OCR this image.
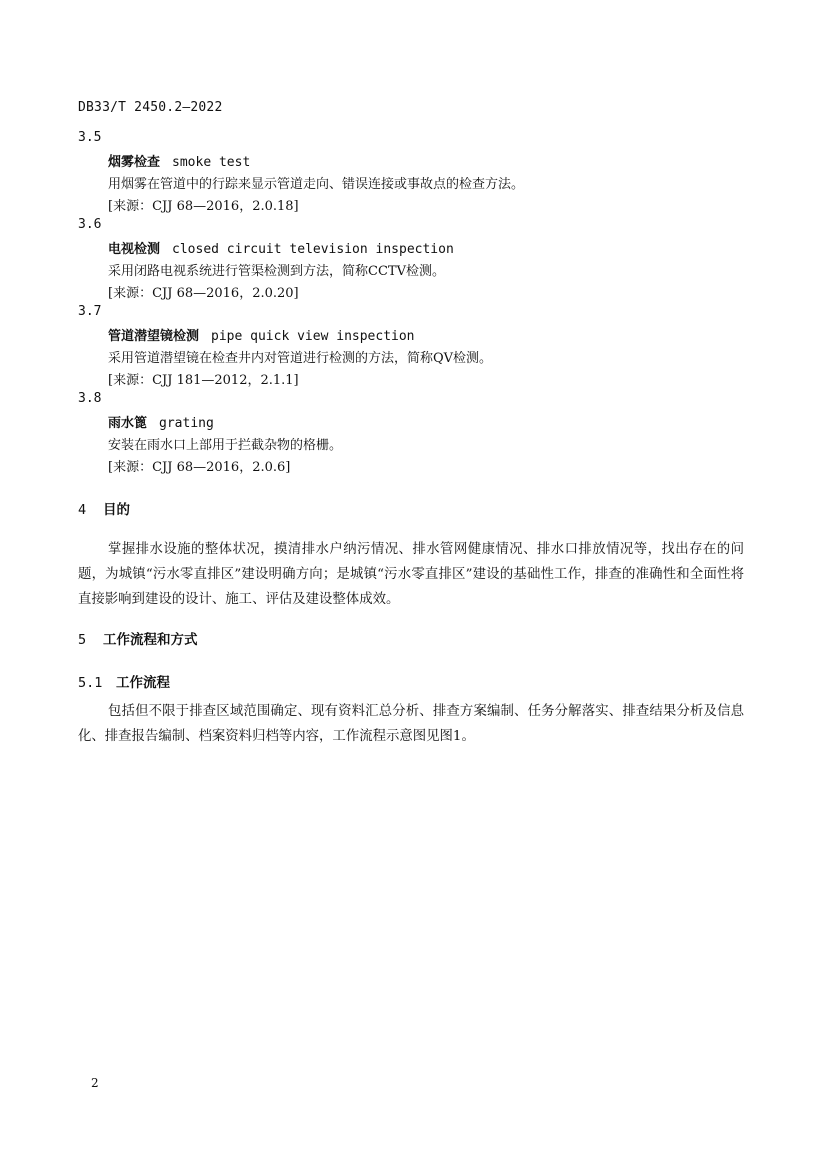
DB33/T 2450.2—2022
3.5
烟雾检查 smoke test
用烟雾在管道中的行踪来显示管道走向、错误连接或事故点的检查方法。
[来源：CJJ 68—2016，2.0.18]
3.6
电视检测 closed circuit television inspection
采用闭路电视系统进行管渠检测到方法，简称CCTV检测。
[来源：CJJ 68—2016，2.0.20]
3.7
管道潜望镜检测 pipe quick view inspection
采用管道潜望镜在检查井内对管道进行检测的方法，简称QV检测。
[来源：CJJ 181—2012，2.1.1]
3.8
雨水篦 grating
安装在雨水口上部用于拦截杂物的格栅。
[来源：CJJ 68—2016，2.0.6]
4 目的
掌握排水设施的整体状况，摸清排水户纳污情况、排水管网健康情况、排水口排放情况等，找出存在的问题，为城镇“污水零直排区”建设明确方向；是城镇“污水零直排区”建设的基础性工作，排查的准确性和全面性将直接影响到建设的设计、施工、评估及建设整体成效。
5 工作流程和方式
5.1 工作流程
包括但不限于排查区域范围确定、现有资料汇总分析、排查方案编制、任务分解落实、排查结果分析及信息化、排查报告编制、档案资料归档等内容，工作流程示意图见图1。
2
